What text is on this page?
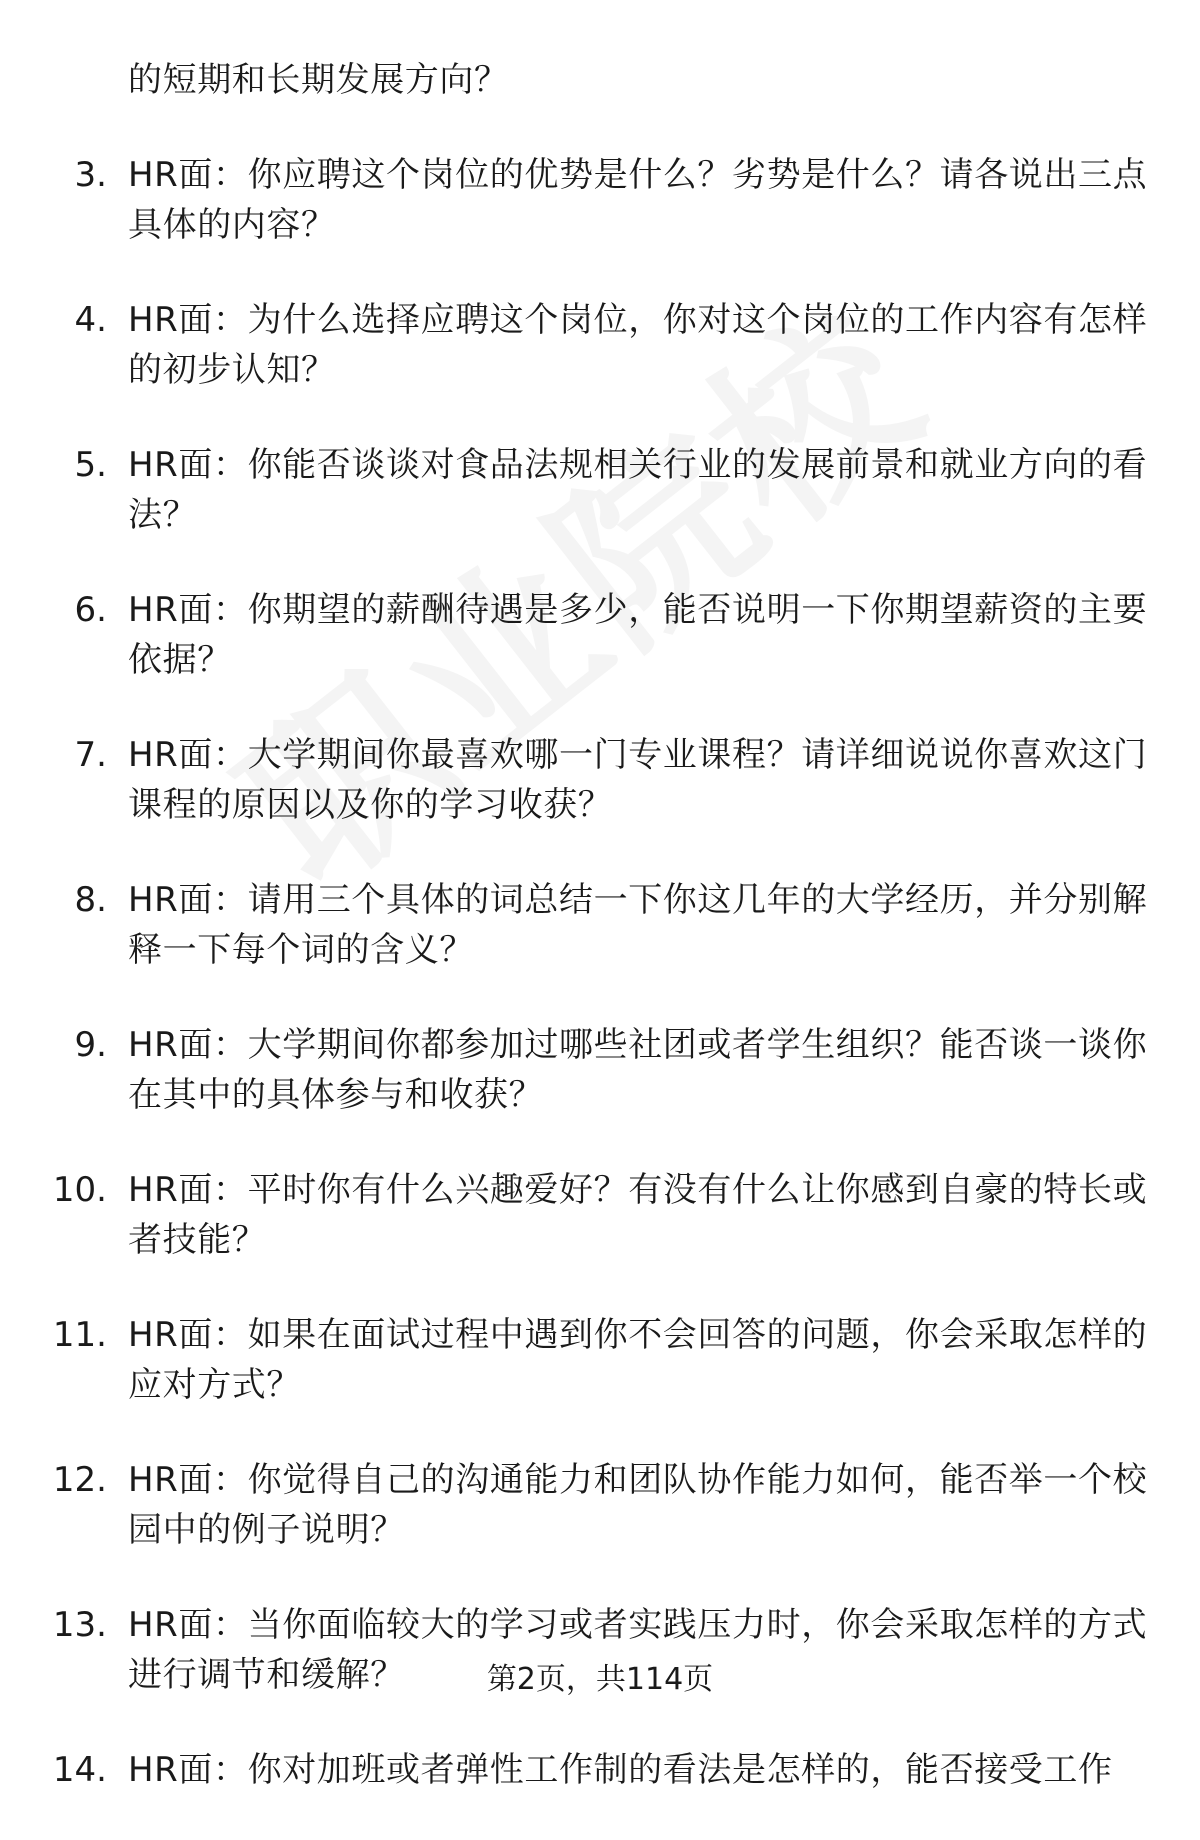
的短期和长期发展方向？
3. HR面：你应聘这个岗位的优势是什么？劣势是什么？请各说出三点具体的内容？
4. HR面：为什么选择应聘这个岗位，你对这个岗位的工作内容有怎样的初步认知？
5. HR面：你能否谈谈对食品法规相关行业的发展前景和就业方向的看法？
6. HR面：你期望的薪酬待遇是多少，能否说明一下你期望薪资的主要依据？
7. HR面：大学期间你最喜欢哪一门专业课程？请详细说说你喜欢这门课程的原因以及你的学习收获？
8. HR面：请用三个具体的词总结一下你这几年的大学经历，并分别解释一下每个词的含义？
9. HR面：大学期间你都参加过哪些社团或者学生组织？能否谈一谈你在其中的具体参与和收获？
10. HR面：平时你有什么兴趣爱好？有没有什么让你感到自豪的特长或者技能？
11. HR面：如果在面试过程中遇到你不会回答的问题，你会采取怎样的应对方式？
12. HR面：你觉得自己的沟通能力和团队协作能力如何，能否举一个校园中的例子说明？
13. HR面：当你面临较大的学习或者实践压力时，你会采取怎样的方式进行调节和缓解？
14. HR面：你对加班或者弹性工作制的看法是怎样的，能否接受工作
第2页，共114页
